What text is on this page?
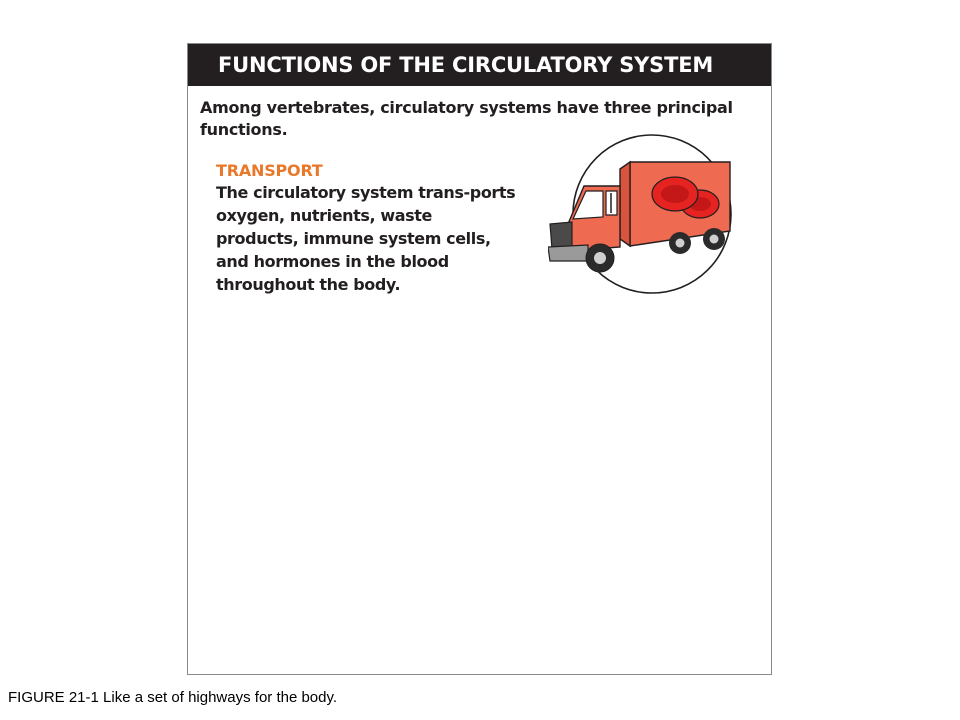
FUNCTIONS OF THE CIRCULATORY SYSTEM
Among vertebrates, circulatory systems have three principal functions.
TRANSPORT
The circulatory system trans-ports oxygen, nutrients, waste products, immune system cells, and hormones in the blood throughout the body.
FIGURE 21-1 Like a set of highways for the body.
